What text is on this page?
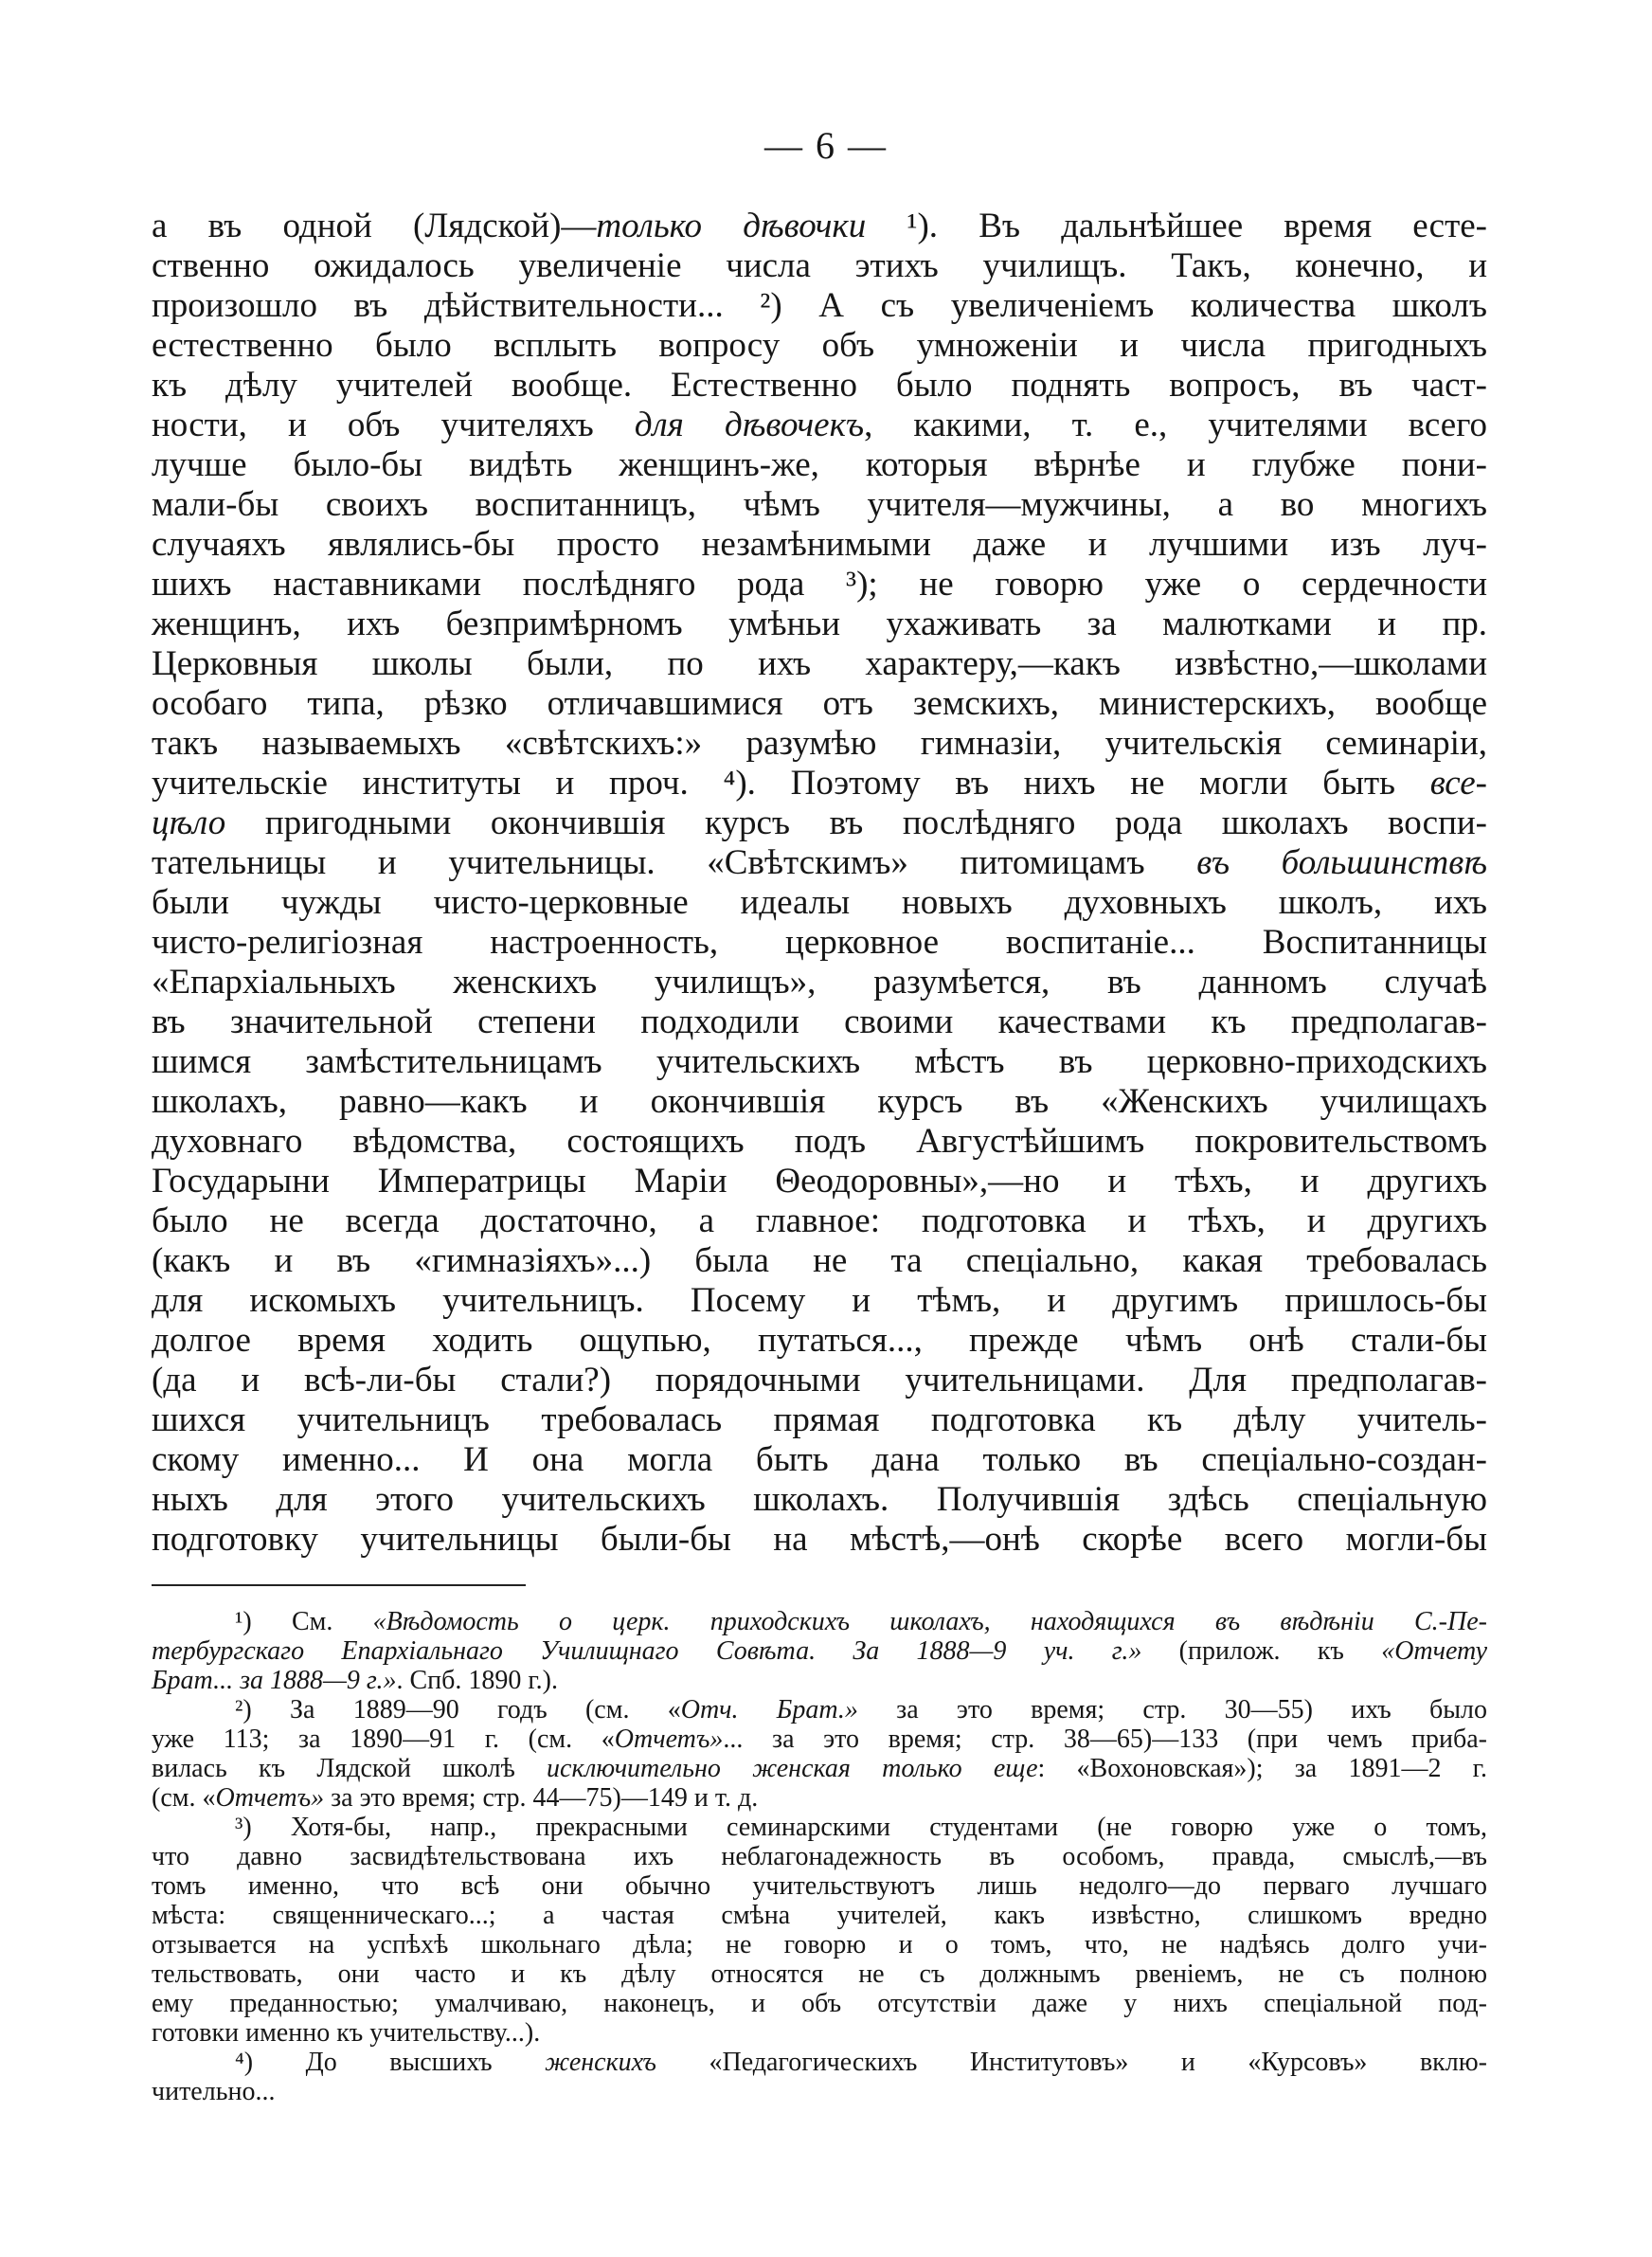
— 6 —
а въ одной (Лядской)—только дѣвочки ¹). Въ дальнѣйшее время есте-
ственно ожидалось увеличенiе числа этихъ училищъ. Такъ, конечно, и
произошло въ дѣйствительности... ²) А съ увеличенiемъ количества школъ
естественно было всплыть вопросу объ умноженiи и числа пригодныхъ
къ дѣлу учителей вообще. Естественно было поднять вопросъ, въ част-
ности, и объ учителяхъ для дѣвочекъ, какими, т. е., учителями всего
лучше было-бы видѣть женщинъ-же, которыя вѣрнѣе и глубже пони-
мали-бы своихъ воспитанницъ, чѣмъ учителя—мужчины, а во многихъ
случаяхъ являлись-бы просто незамѣнимыми даже и лучшими изъ луч-
шихъ наставниками послѣдняго рода ³); не говорю уже о сердечности
женщинъ, ихъ безпримѣрномъ умѣньи ухаживать за малютками и пр.
Церковныя школы были, по ихъ характеру,—какъ извѣстно,—школами
особаго типа, рѣзко отличавшимися отъ земскихъ, министерскихъ, вообще
такъ называемыхъ «свѣтскихъ:» разумѣю гимназiи, учительскiя семинарiи,
учительскiе институты и проч. ⁴). Поэтому въ нихъ не могли быть все-
цѣло пригодными окончившiя курсъ въ послѣдняго рода школахъ воспи-
тательницы и учительницы. «Свѣтскимъ» питомицамъ въ большинствѣ
были чужды чисто-церковные идеалы новыхъ духовныхъ школъ, ихъ
чисто-религiозная настроенность, церковное воспитанiе... Воспитанницы
«Епархiальныхъ женскихъ училищъ», разумѣется, въ данномъ случаѣ
въ значительной степени подходили своими качествами къ предполагав-
шимся замѣстительницамъ учительскихъ мѣстъ въ церковно-приходскихъ
школахъ, равно—какъ и окончившiя курсъ въ «Женскихъ училищахъ
духовнаго вѣдомства, состоящихъ подъ Августѣйшимъ покровительствомъ
Государыни Императрицы Марiи Θеодоровны»,—но и тѣхъ, и другихъ
было не всегда достаточно, а главное: подготовка и тѣхъ, и другихъ
(какъ и въ «гимназiяхъ»...) была не та спецiально, какая требовалась
для искомыхъ учительницъ. Посему и тѣмъ, и другимъ пришлось-бы
долгое время ходить ощупью, путаться..., прежде чѣмъ онѣ стали-бы
(да и всѣ-ли-бы стали?) порядочными учительницами. Для предполагав-
шихся учительницъ требовалась прямая подготовка къ дѣлу учитель-
скому именно... И она могла быть дана только въ спецiально-создан-
ныхъ для этого учительскихъ школахъ. Получившiя здѣсь спецiальную
подготовку учительницы были-бы на мѣстѣ,—онѣ скорѣе всего могли-бы
¹) См. «Вѣдомость о церк. приходскихъ школахъ, находящихся въ вѣдѣнiи С.-Пе-
тербургскаго Епархiальнаго Училищнаго Совѣта. За 1888—9 уч. г.» (прилож. къ «Отчету
Брат... за 1888—9 г.». Спб. 1890 г.).
²) За 1889—90 годъ (см. «Отч. Брат.» за это время; стр. 30—55) ихъ было
уже 113; за 1890—91 г. (см. «Отчетъ»... за это время; стр. 38—65)—133 (при чемъ прибa-
вилась къ Лядской школѣ исключительно женская только еще: «Вохоновская»); за 1891—2 г.
(см. «Отчетъ» за это время; стр. 44—75)—149 и т. д.
³) Хотя-бы, напр., прекрасными семинарскими студентами (не говорю уже о томъ,
что давно засвидѣтельствована ихъ неблагонадежность въ особомъ, правда, смыслѣ,—въ
томъ именно, что всѣ они обычно учительствуютъ лишь недолго—до перваго лучшаго
мѣста: священническаго...; а частая смѣна учителей, какъ извѣстно, слишкомъ вредно
отзывается на успѣхѣ школьнаго дѣла; не говорю и о томъ, что, не надѣясь долго учи-
тельствовать, они часто и къ дѣлу относятся не съ должнымъ рвенiемъ, не съ полною
ему преданностью; умалчиваю, наконецъ, и объ отсутствiи даже у нихъ спецiальной под-
готовки именно къ учительству...).
⁴) До высшихъ женскихъ «Педагогическихъ Институтовъ» и «Курсовъ» вклю-
чительно...
